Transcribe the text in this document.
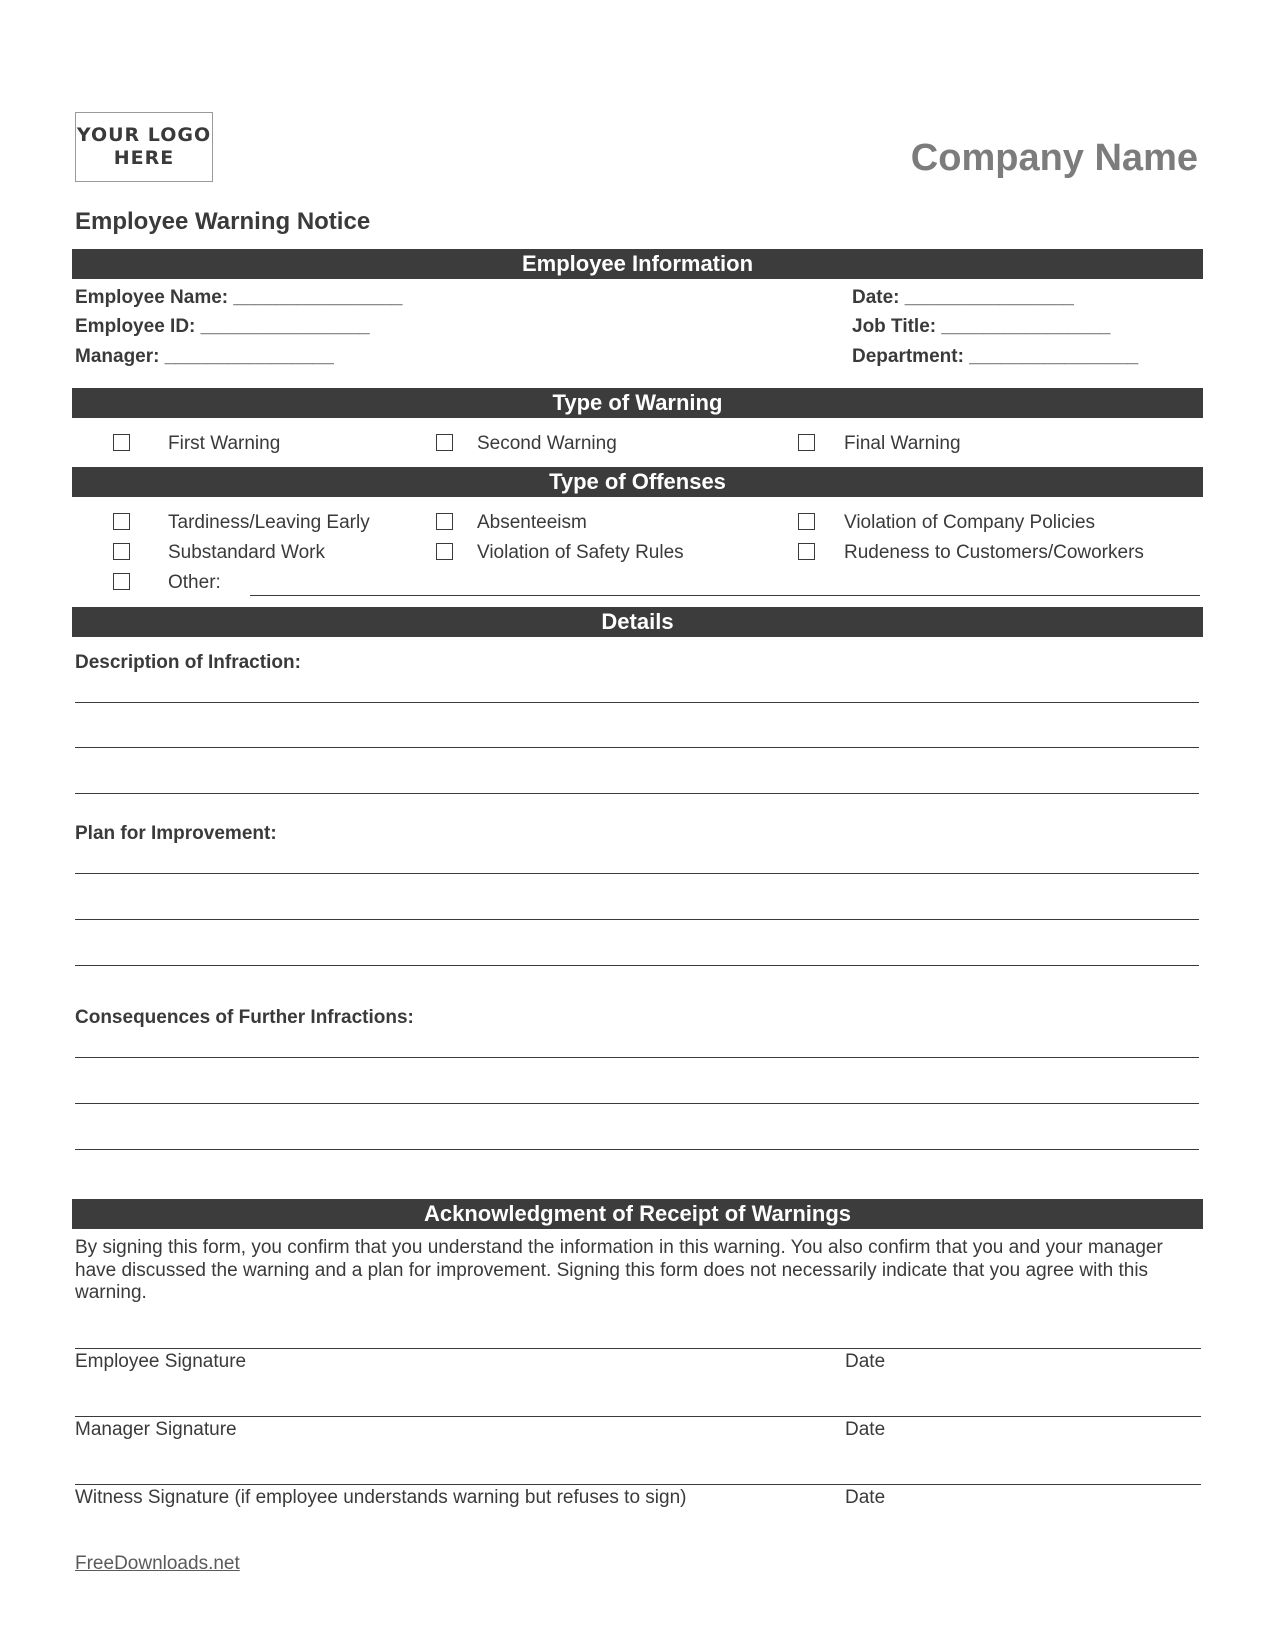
YOUR LOGO
HERE	Company Name
Employee Warning Notice
Employee Information
Employee Name: ________________
Employee ID: ________________
Manager: ________________
Date: ________________
Job Title: ________________
Department: ________________
Type of Warning
First Warning	Second Warning	Final Warning
Type of Offenses
Tardiness/Leaving Early	Absenteeism	Violation of Company Policies
Substandard Work	Violation of Safety Rules	Rudeness to Customers/Coworkers
Other:
Details
Description of Infraction:
Plan for Improvement:
Consequences of Further Infractions:
Acknowledgment of Receipt of Warnings
By signing this form, you confirm that you understand the information in this warning. You also confirm that you and your manager have discussed the warning and a plan for improvement. Signing this form does not necessarily indicate that you agree with this warning.
Employee Signature	Date
Manager Signature	Date
Witness Signature (if employee understands warning but refuses to sign)	Date
FreeDownloads.net
